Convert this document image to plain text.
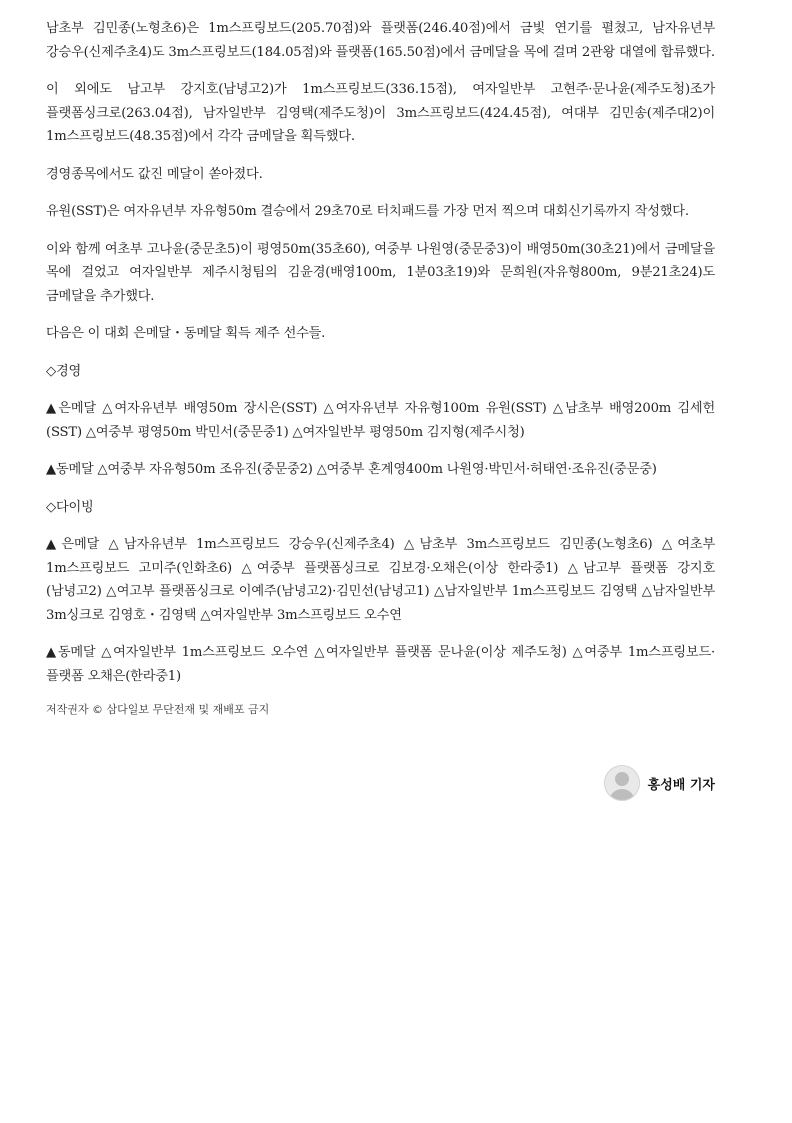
남초부 김민종(노형초6)은 1m스프링보드(205.70점)와 플랫폼(246.40점)에서 금빛 연기를 펼쳤고, 남자유년부 강승우(신제주초4)도 3m스프링보드(184.05점)와 플랫폼(165.50점)에서 금메달을 목에 걸며 2관왕 대열에 합류했다.

이 외에도 남고부 강지호(남녕고2)가 1m스프링보드(336.15점), 여자일반부 고현주·문나윤(제주도청)조가 플랫폼싱크로(263.04점), 남자일반부 김영택(제주도청)이 3m스프링보드(424.45점), 여대부 김민송(제주대2)이 1m스프링보드(48.35점)에서 각각 금메달을 획득했다.

경영종목에서도 값진 메달이 쏟아졌다.

유원(SST)은 여자유년부 자유형50m 결승에서 29초70로 터치패드를 가장 먼저 찍으며 대회신기록까지 작성했다.

이와 함께 여초부 고나윤(중문초5)이 평영50m(35초60), 여중부 나원영(중문중3)이 배영50m(30초21)에서 금메달을 목에 걸었고 여자일반부 제주시청팀의 김윤경(배영100m, 1분03초19)와 문희원(자유형800m, 9분21초24)도 금메달을 추가했다.

다음은 이 대회 은메달・동메달 획득 제주 선수들.

◇경영

▲은메달 △여자유년부 배영50m 장시은(SST) △여자유년부 자유형100m 유원(SST) △남초부 배영200m 김세헌(SST) △여중부 평영50m 박민서(중문중1) △여자일반부 평영50m 김지형(제주시청)

▲동메달 △여중부 자유형50m 조유진(중문중2) △여중부 혼계영400m 나원영·박민서·허태연·조유진(중문중)

◇다이빙

▲은메달 △남자유년부 1m스프링보드 강승우(신제주초4) △남초부 3m스프링보드 김민종(노형초6) △여초부 1m스프링보드 고미주(인화초6) △여중부 플랫폼싱크로 김보경·오채은(이상 한라중1) △남고부 플랫폼 강지호(남녕고2) △여고부 플랫폼싱크로 이예주(남녕고2)·김민선(남녕고1) △남자일반부 1m스프링보드 김영택 △남자일반부 3m싱크로 김영호・김영택 △여자일반부 3m스프링보드 오수연

▲동메달 △여자일반부 1m스프링보드 오수연 △여자일반부 플랫폼 문나윤(이상 제주도청) △여중부 1m스프링보드·플랫폼 오채은(한라중1)

저작권자 © 삼다일보 무단전재 및 재배포 금지
홍성배 기자
